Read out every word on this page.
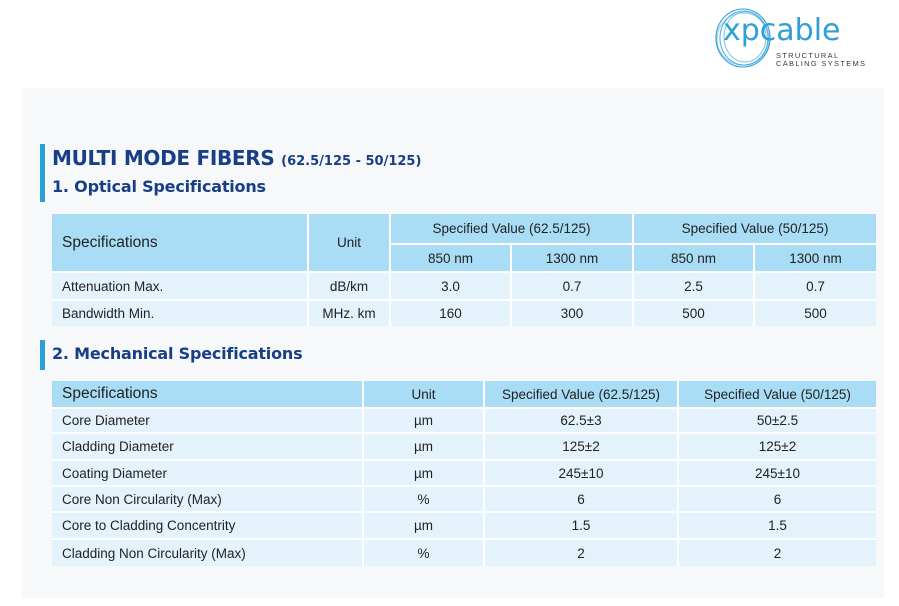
xpcable
STRUCTURAL
CABLING SYSTEMS
MULTI MODE FIBERS (62.5/125 - 50/125)
1. Optical Specifications
Specifications	Unit	Specified Value (62.5/125)		Specified Value (50/125)	
		850 nm	1300 nm	850 nm	1300 nm
Attenuation Max.	dB/km	3.0	0.7	2.5	0.7
Bandwidth Min.	MHz. km	160	300	500	500
2. Mechanical Specifications
Specifications	Unit	Specified Value (62.5/125)	Specified Value (50/125)
Core Diameter	µm	62.5±3	50±2.5
Cladding Diameter	µm	125±2	125±2
Coating Diameter	µm	245±10	245±10
Core Non Circularity (Max)	%	6	6
Core to Cladding Concentrity	µm	1.5	1.5
Cladding Non Circularity (Max)	%	2	2
